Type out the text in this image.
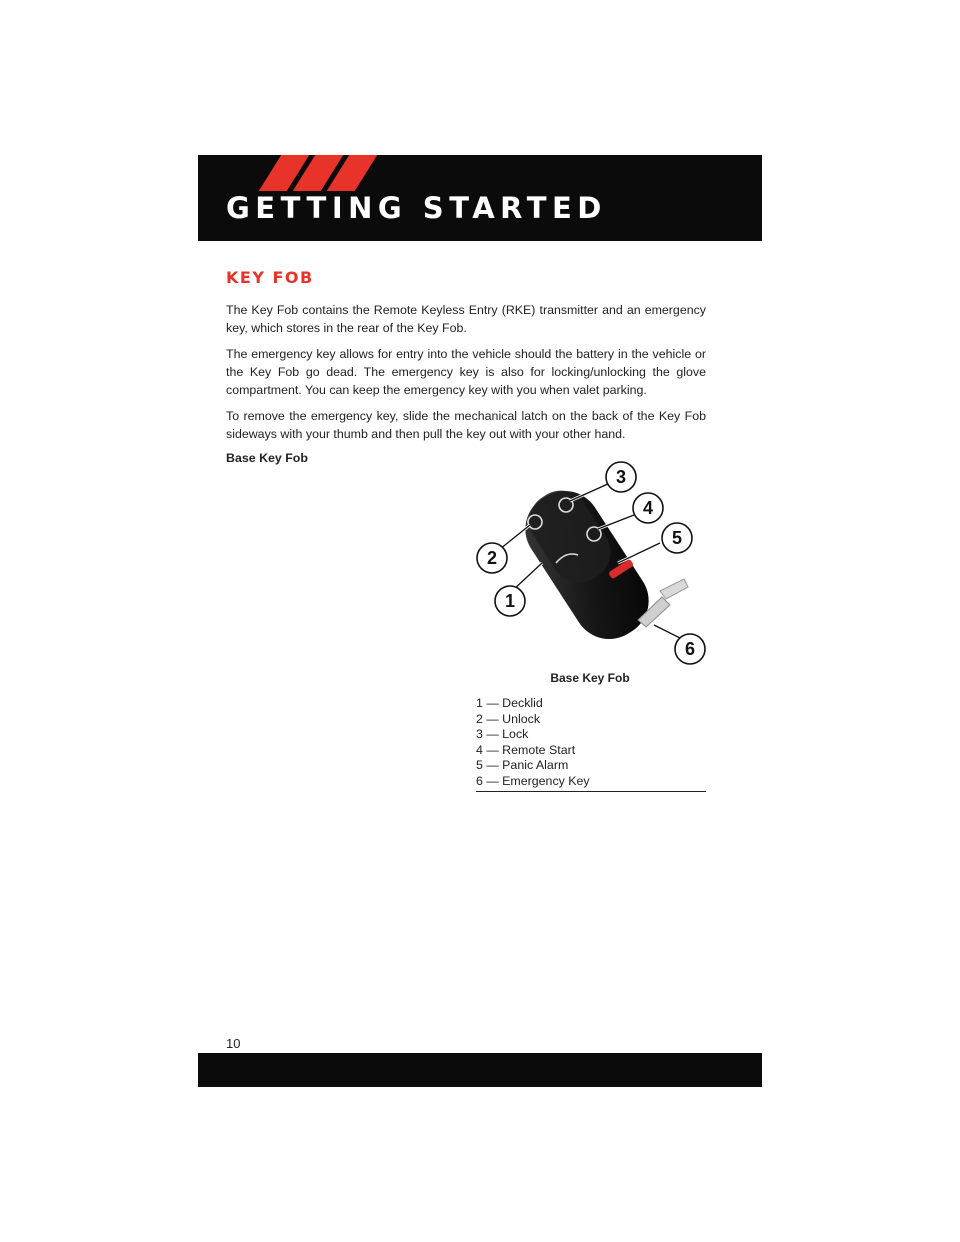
GETTING STARTED
KEY FOB

The Key Fob contains the Remote Keyless Entry (RKE) transmitter and an emergency key, which stores in the rear of the Key Fob.

The emergency key allows for entry into the vehicle should the battery in the vehicle or the Key Fob go dead. The emergency key is also for locking/unlocking the glove compartment. You can keep the emergency key with you when valet parking.

To remove the emergency key, slide the mechanical latch on the back of the Key Fob sideways with your thumb and then pull the key out with your other hand.

Base Key Fob

1
2
3
4
5
6
Base Key Fob
1 — Decklid
2 — Unlock
3 — Lock
4 — Remote Start
5 — Panic Alarm
6 — Emergency Key
10
